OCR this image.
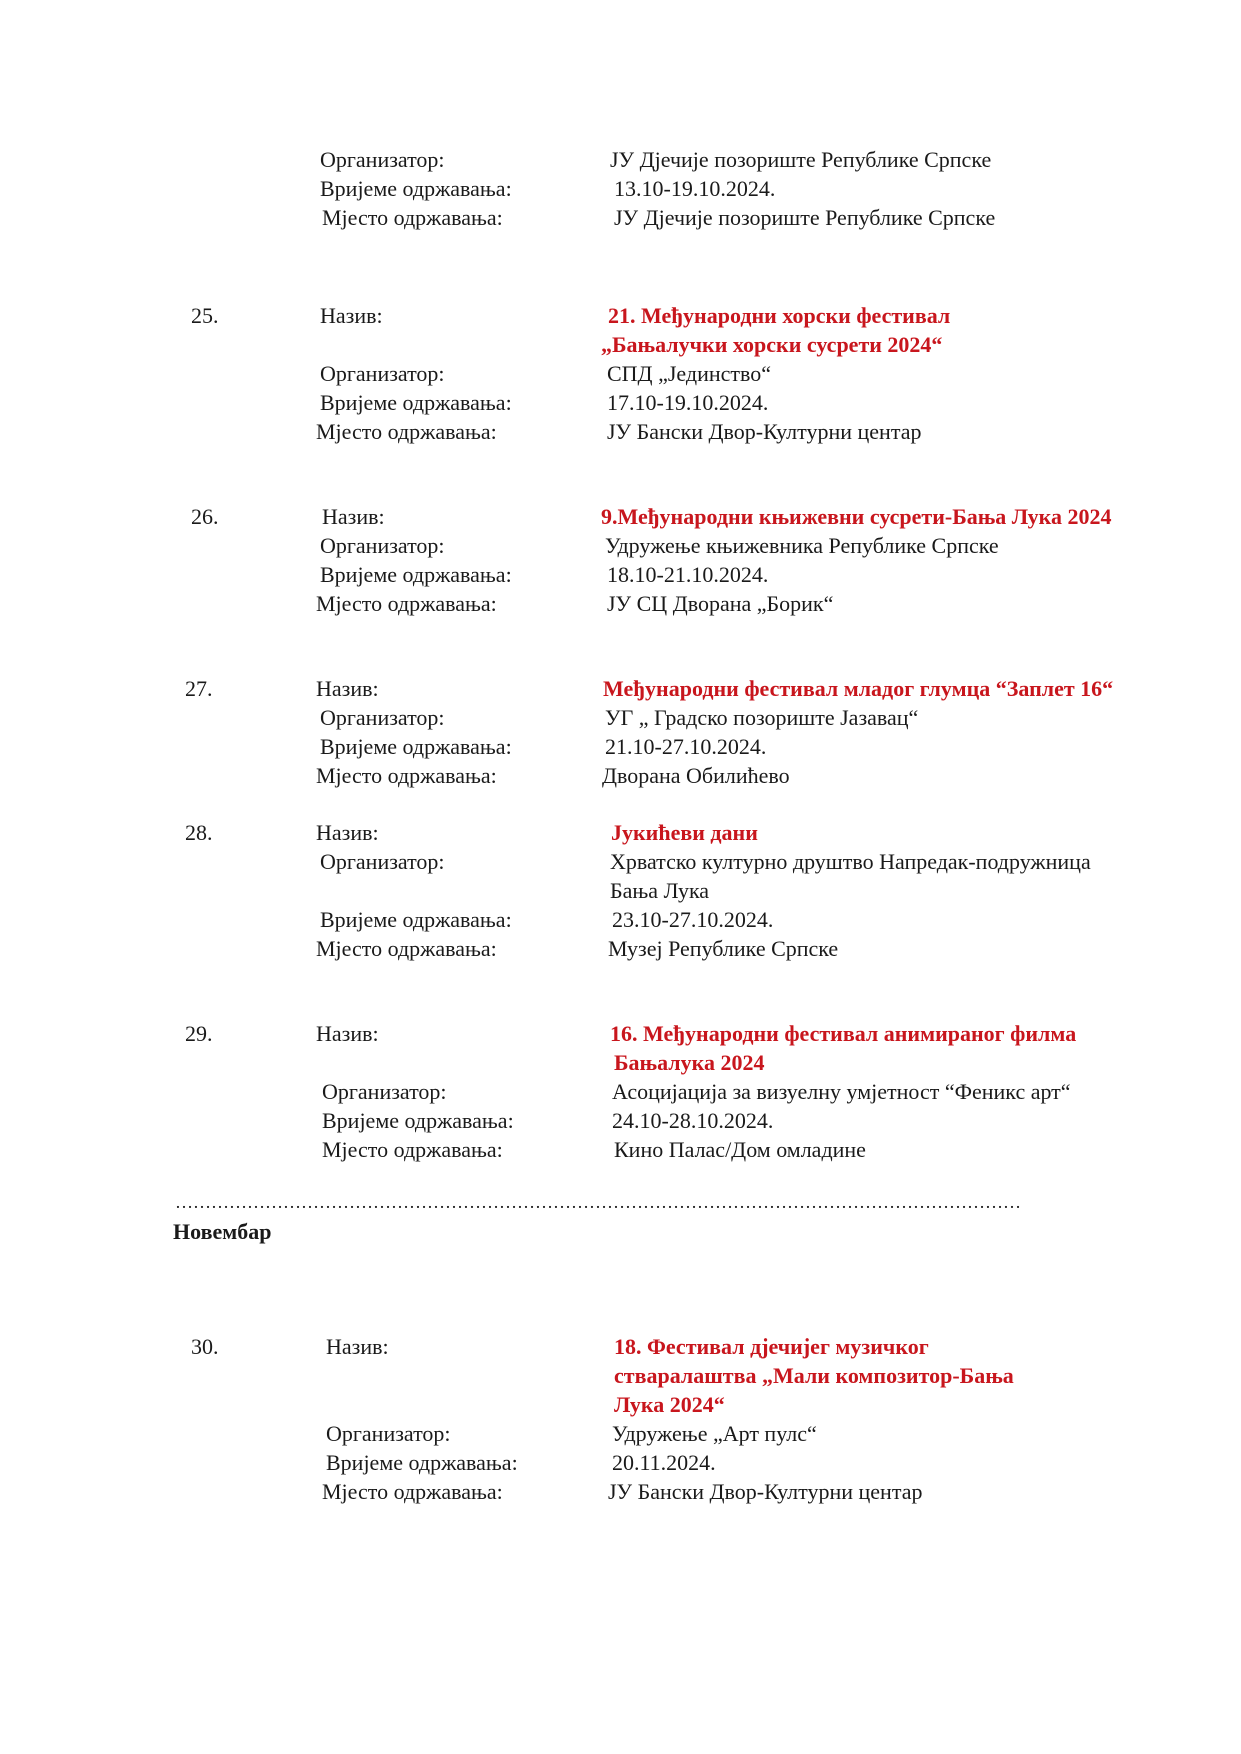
Организатор:	ЈУ Дјечије позориште Републике Српске
Вријеме одржавања:	13.10-19.10.2024.
Мјесто одржавања:	ЈУ Дјечије позориште Републике Српске
25.	Назив:	21. Међународни хорски фестивал
„Бањалучки хорски сусрети 2024“
Организатор:	СПД „Јединство“
Вријеме одржавања:	17.10-19.10.2024.
Мјесто одржавања:	ЈУ Бански Двор-Културни центар
26.	Назив:	9.Међународни књижевни сусрети-Бања Лука 2024
Организатор:	Удружење књижевника Републике Српске
Вријеме одржавања:	18.10-21.10.2024.
Мјесто одржавања:	ЈУ СЦ Дворана „Борик“
27.	Назив:	Међународни фестивал младог глумца “Заплет 16“
Организатор:	УГ „ Градско позориште Јазавац“
Вријеме одржавања:	21.10-27.10.2024.
Мјесто одржавања:	Дворана Обилићево
28.	Назив:	Јукићеви дани
Организатор:	Хрватско културно друштво Напредак-подружница
Бања Лука
Вријеме одржавања:	23.10-27.10.2024.
Мјесто одржавања:	Музеј Републике Српске
29.	Назив:	16. Међународни фестивал анимираног филма
Бањалука 2024
Организатор:	Асоцијација за визуелну умјетност “Феникс арт“
Вријеме одржавања:	24.10-28.10.2024.
Мјесто одржавања:	Кино Палас/Дом омладине
……………………………………………………………………………………………………………………………
Новембар
30.	Назив:	18. Фестивал дјечијег музичког
стваралаштва „Мали композитор-Бања
Лука 2024“
Организатор:	Удружење „Арт пулс“
Вријеме одржавања:	20.11.2024.
Мјесто одржавања:	ЈУ Бански Двор-Културни центар
